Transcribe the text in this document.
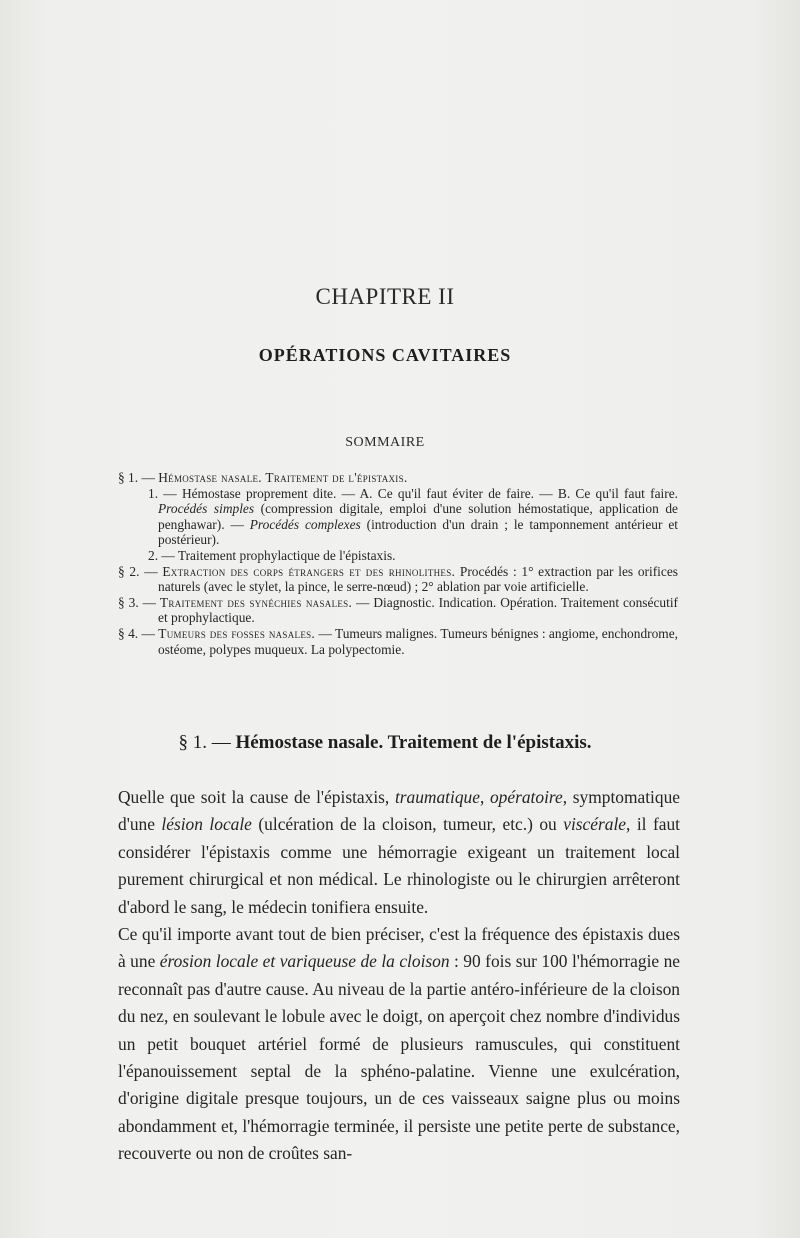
CHAPITRE II
OPÉRATIONS CAVITAIRES
SOMMAIRE

§ 1. — Hémostase nasale. Traitement de l'épistaxis.

1. — Hémostase proprement dite. — A. Ce qu'il faut éviter de faire. — B. Ce qu'il faut faire. Procédés simples (compression digitale, emploi d'une solution hémostatique, application de penghawar). — Procédés complexes (introduction d'un drain ; le tamponnement antérieur et postérieur).

2. — Traitement prophylactique de l'épistaxis.

§ 2. — Extraction des corps étrangers et des rhinolithes. Procédés : 1° extraction par les orifices naturels (avec le stylet, la pince, le serre-nœud) ; 2° ablation par voie artificielle.

§ 3. — Traitement des synéchies nasales. — Diagnostic. Indication. Opération. Traitement consécutif et prophylactique.

§ 4. — Tumeurs des fosses nasales. — Tumeurs malignes. Tumeurs bénignes : angiome, enchondrome, ostéome, polypes muqueux. La polypectomie.

§ 1. — Hémostase nasale. Traitement de l'épistaxis.

Quelle que soit la cause de l'épistaxis, traumatique, opératoire, symptomatique d'une lésion locale (ulcération de la cloison, tumeur, etc.) ou viscérale, il faut considérer l'épistaxis comme une hémorragie exigeant un traitement local purement chirurgical et non médical. Le rhinologiste ou le chirurgien arrêteront d'abord le sang, le médecin tonifiera ensuite.

Ce qu'il importe avant tout de bien préciser, c'est la fréquence des épistaxis dues à une érosion locale et variqueuse de la cloison : 90 fois sur 100 l'hémorragie ne reconnaît pas d'autre cause. Au niveau de la partie antéro-inférieure de la cloison du nez, en soulevant le lobule avec le doigt, on aperçoit chez nombre d'individus un petit bouquet artériel formé de plusieurs ramuscules, qui constituent l'épanouissement septal de la sphéno-palatine. Vienne une exulcération, d'origine digitale presque toujours, un de ces vaisseaux saigne plus ou moins abondamment et, l'hémorragie terminée, il persiste une petite perte de substance, recouverte ou non de croûtes san-
